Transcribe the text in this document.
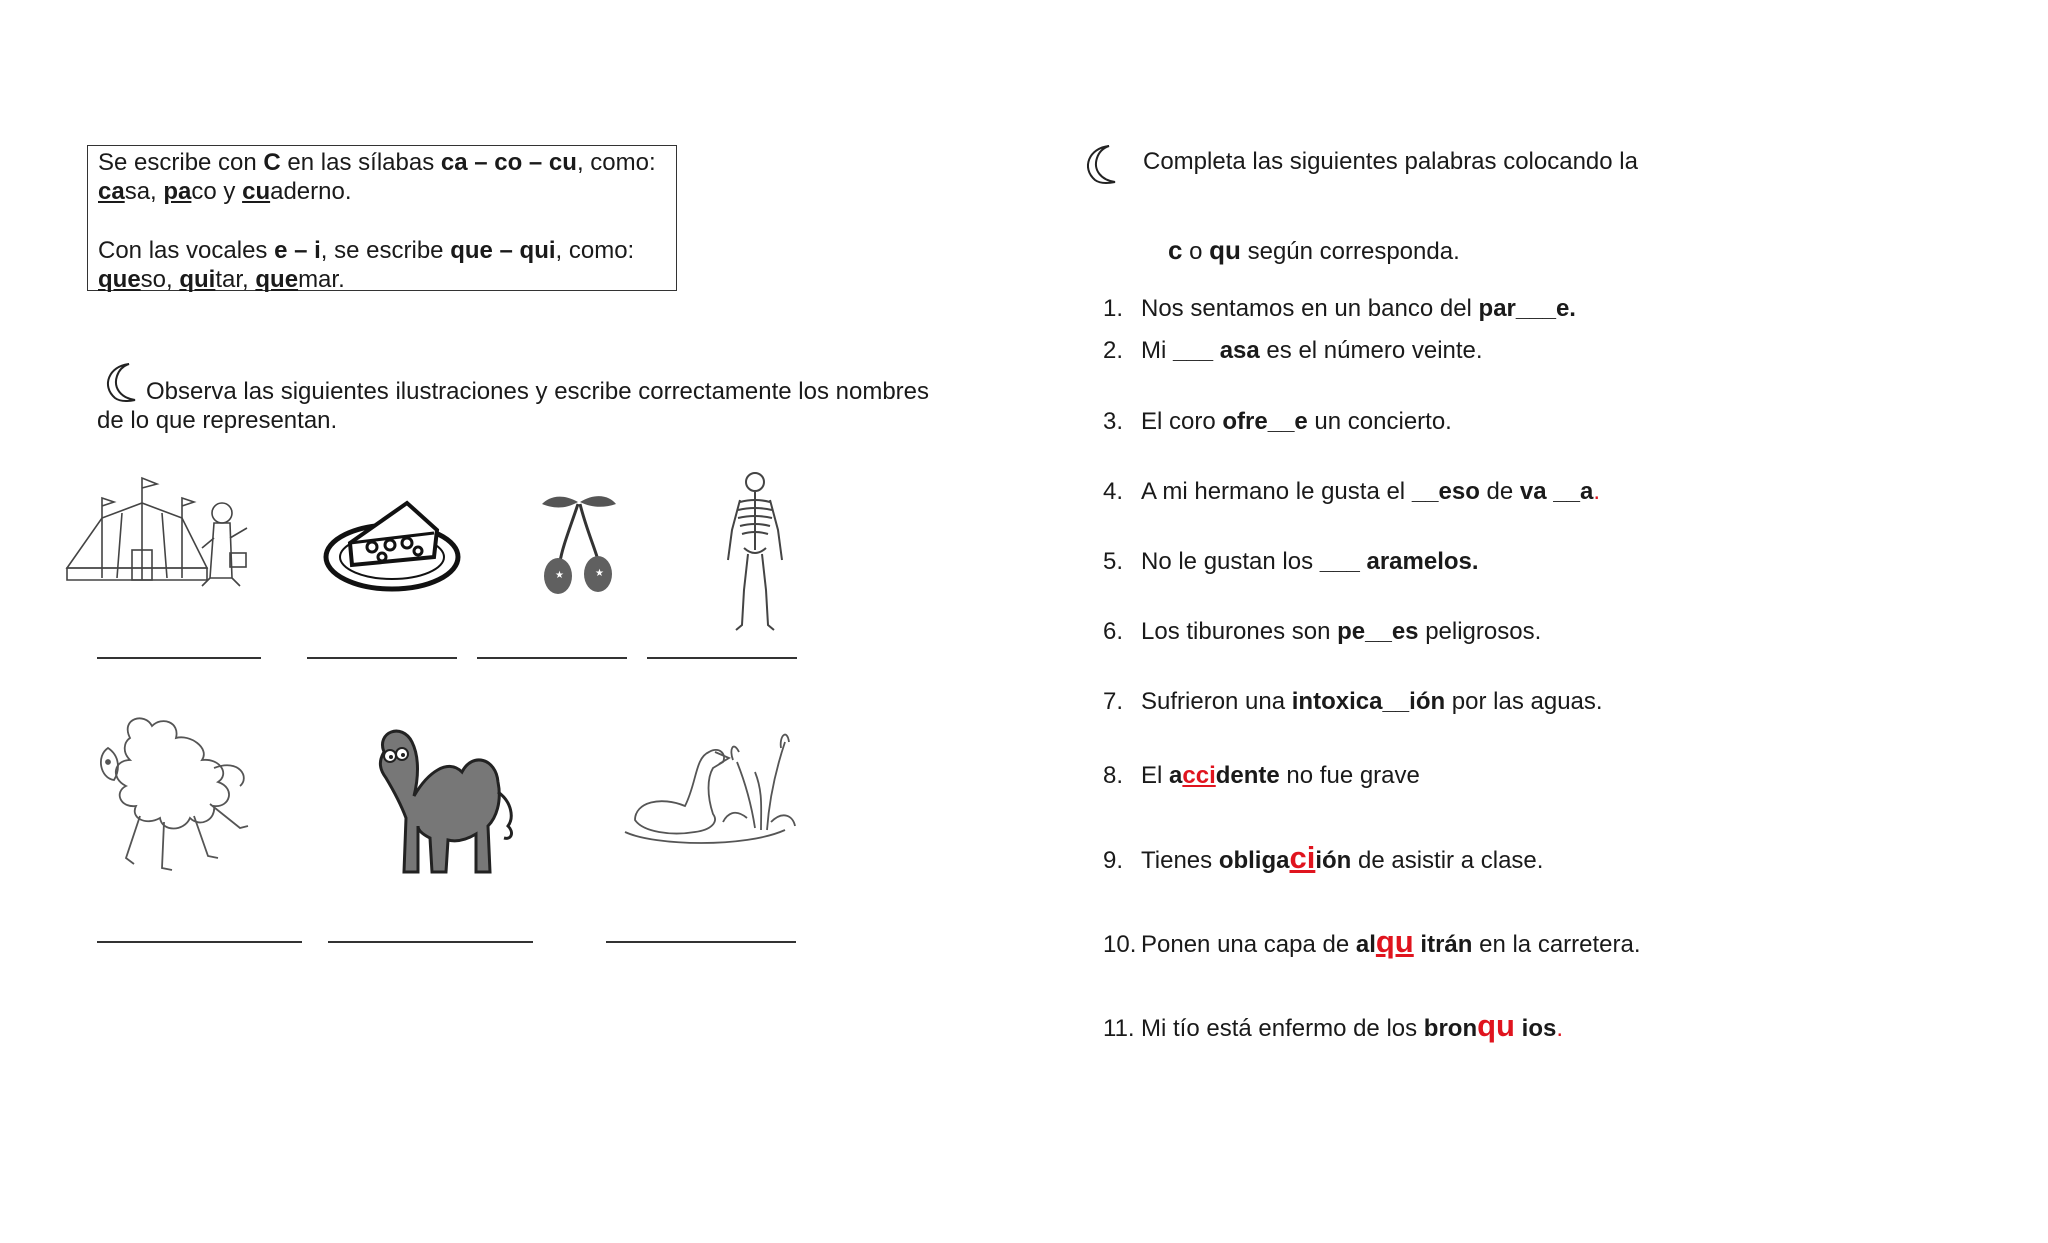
Se escribe con C en las sílabas ca – co – cu, como:
casa, paco y cuaderno.
Con las vocales e – i, se escribe que – qui, como:
queso, quitar, quemar.
Observa las siguientes ilustraciones y escribe correctamente los nombres
de lo que representan.
★	★
Completa las siguientes palabras colocando la
c o qu según corresponda.
1. Nos sentamos en un banco del par___e.
2. Mi ___ asa es el número veinte.
3. El coro ofre__e un concierto.
4. A mi hermano le gusta el __eso de va __a.
5. No le gustan los ___ aramelos.
6. Los tiburones son pe__es peligrosos.
7. Sufrieron una intoxica__ión por las aguas.
8. El accidente no fue grave
9. Tienes obligaciión de asistir a clase.
10. Ponen una capa de alqu itrán en la carretera.
11. Mi tío está enfermo de los bronqu ios.
